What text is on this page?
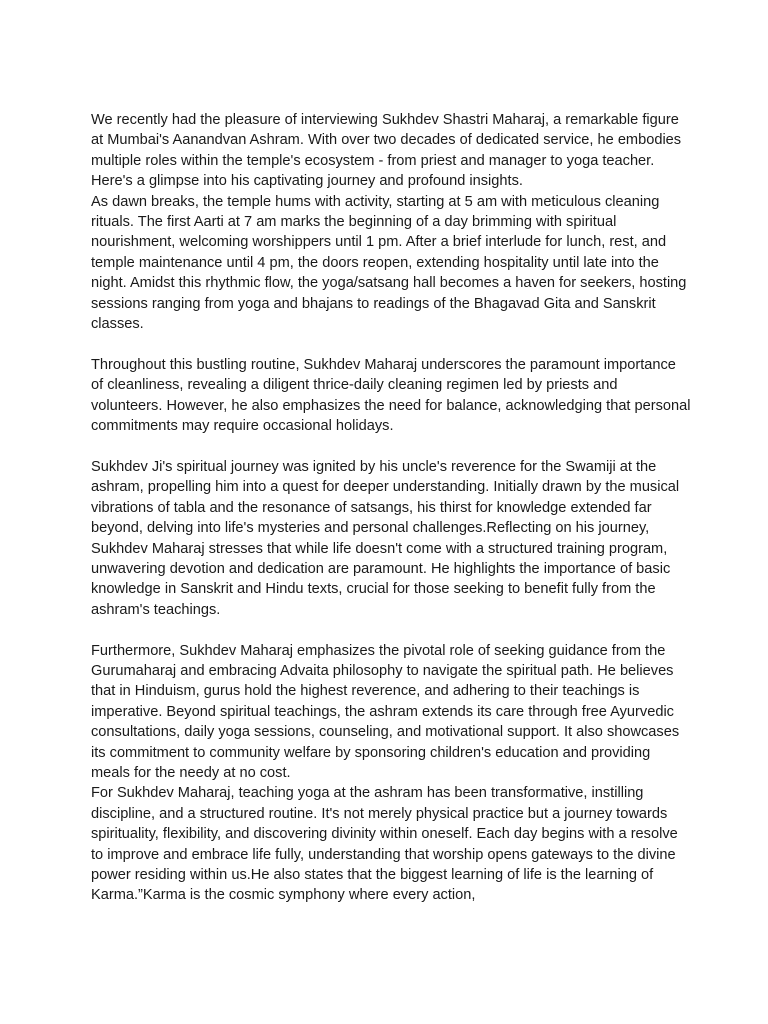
We recently had the pleasure of interviewing Sukhdev Shastri Maharaj, a remarkable figure at Mumbai's Aanandvan Ashram. With over two decades of dedicated service, he embodies multiple roles within the temple's ecosystem - from priest and manager to yoga teacher. Here's a glimpse into his captivating journey and profound insights.

As dawn breaks, the temple hums with activity, starting at 5 am with meticulous cleaning rituals. The first Aarti at 7 am marks the beginning of a day brimming with spiritual nourishment, welcoming worshippers until 1 pm. After a brief interlude for lunch, rest, and temple maintenance until 4 pm, the doors reopen, extending hospitality until late into the night. Amidst this rhythmic flow, the yoga/satsang hall becomes a haven for seekers, hosting sessions ranging from yoga and bhajans to readings of the Bhagavad Gita and Sanskrit classes.

Throughout this bustling routine, Sukhdev Maharaj underscores the paramount importance of cleanliness, revealing a diligent thrice-daily cleaning regimen led by priests and volunteers. However, he also emphasizes the need for balance, acknowledging that personal commitments may require occasional holidays.

Sukhdev Ji's spiritual journey was ignited by his uncle's reverence for the Swamiji at the ashram, propelling him into a quest for deeper understanding. Initially drawn by the musical vibrations of tabla and the resonance of satsangs, his thirst for knowledge extended far beyond, delving into life's mysteries and personal challenges.Reflecting on his journey, Sukhdev Maharaj stresses that while life doesn't come with a structured training program, unwavering devotion and dedication are paramount. He highlights the importance of basic knowledge in Sanskrit and Hindu texts, crucial for those seeking to benefit fully from the ashram's teachings.

Furthermore, Sukhdev Maharaj emphasizes the pivotal role of seeking guidance from the Gurumaharaj and embracing Advaita philosophy to navigate the spiritual path. He believes that in Hinduism, gurus hold the highest reverence, and adhering to their teachings is imperative. Beyond spiritual teachings, the ashram extends its care through free Ayurvedic consultations, daily yoga sessions, counseling, and motivational support. It also showcases its commitment to community welfare by sponsoring children's education and providing meals for the needy at no cost.

For Sukhdev Maharaj, teaching yoga at the ashram has been transformative, instilling discipline, and a structured routine. It's not merely physical practice but a journey towards spirituality, flexibility, and discovering divinity within oneself. Each day begins with a resolve to improve and embrace life fully, understanding that worship opens gateways to the divine power residing within us.He also states that the biggest learning of life is the learning of Karma.”Karma is the cosmic symphony where every action,
